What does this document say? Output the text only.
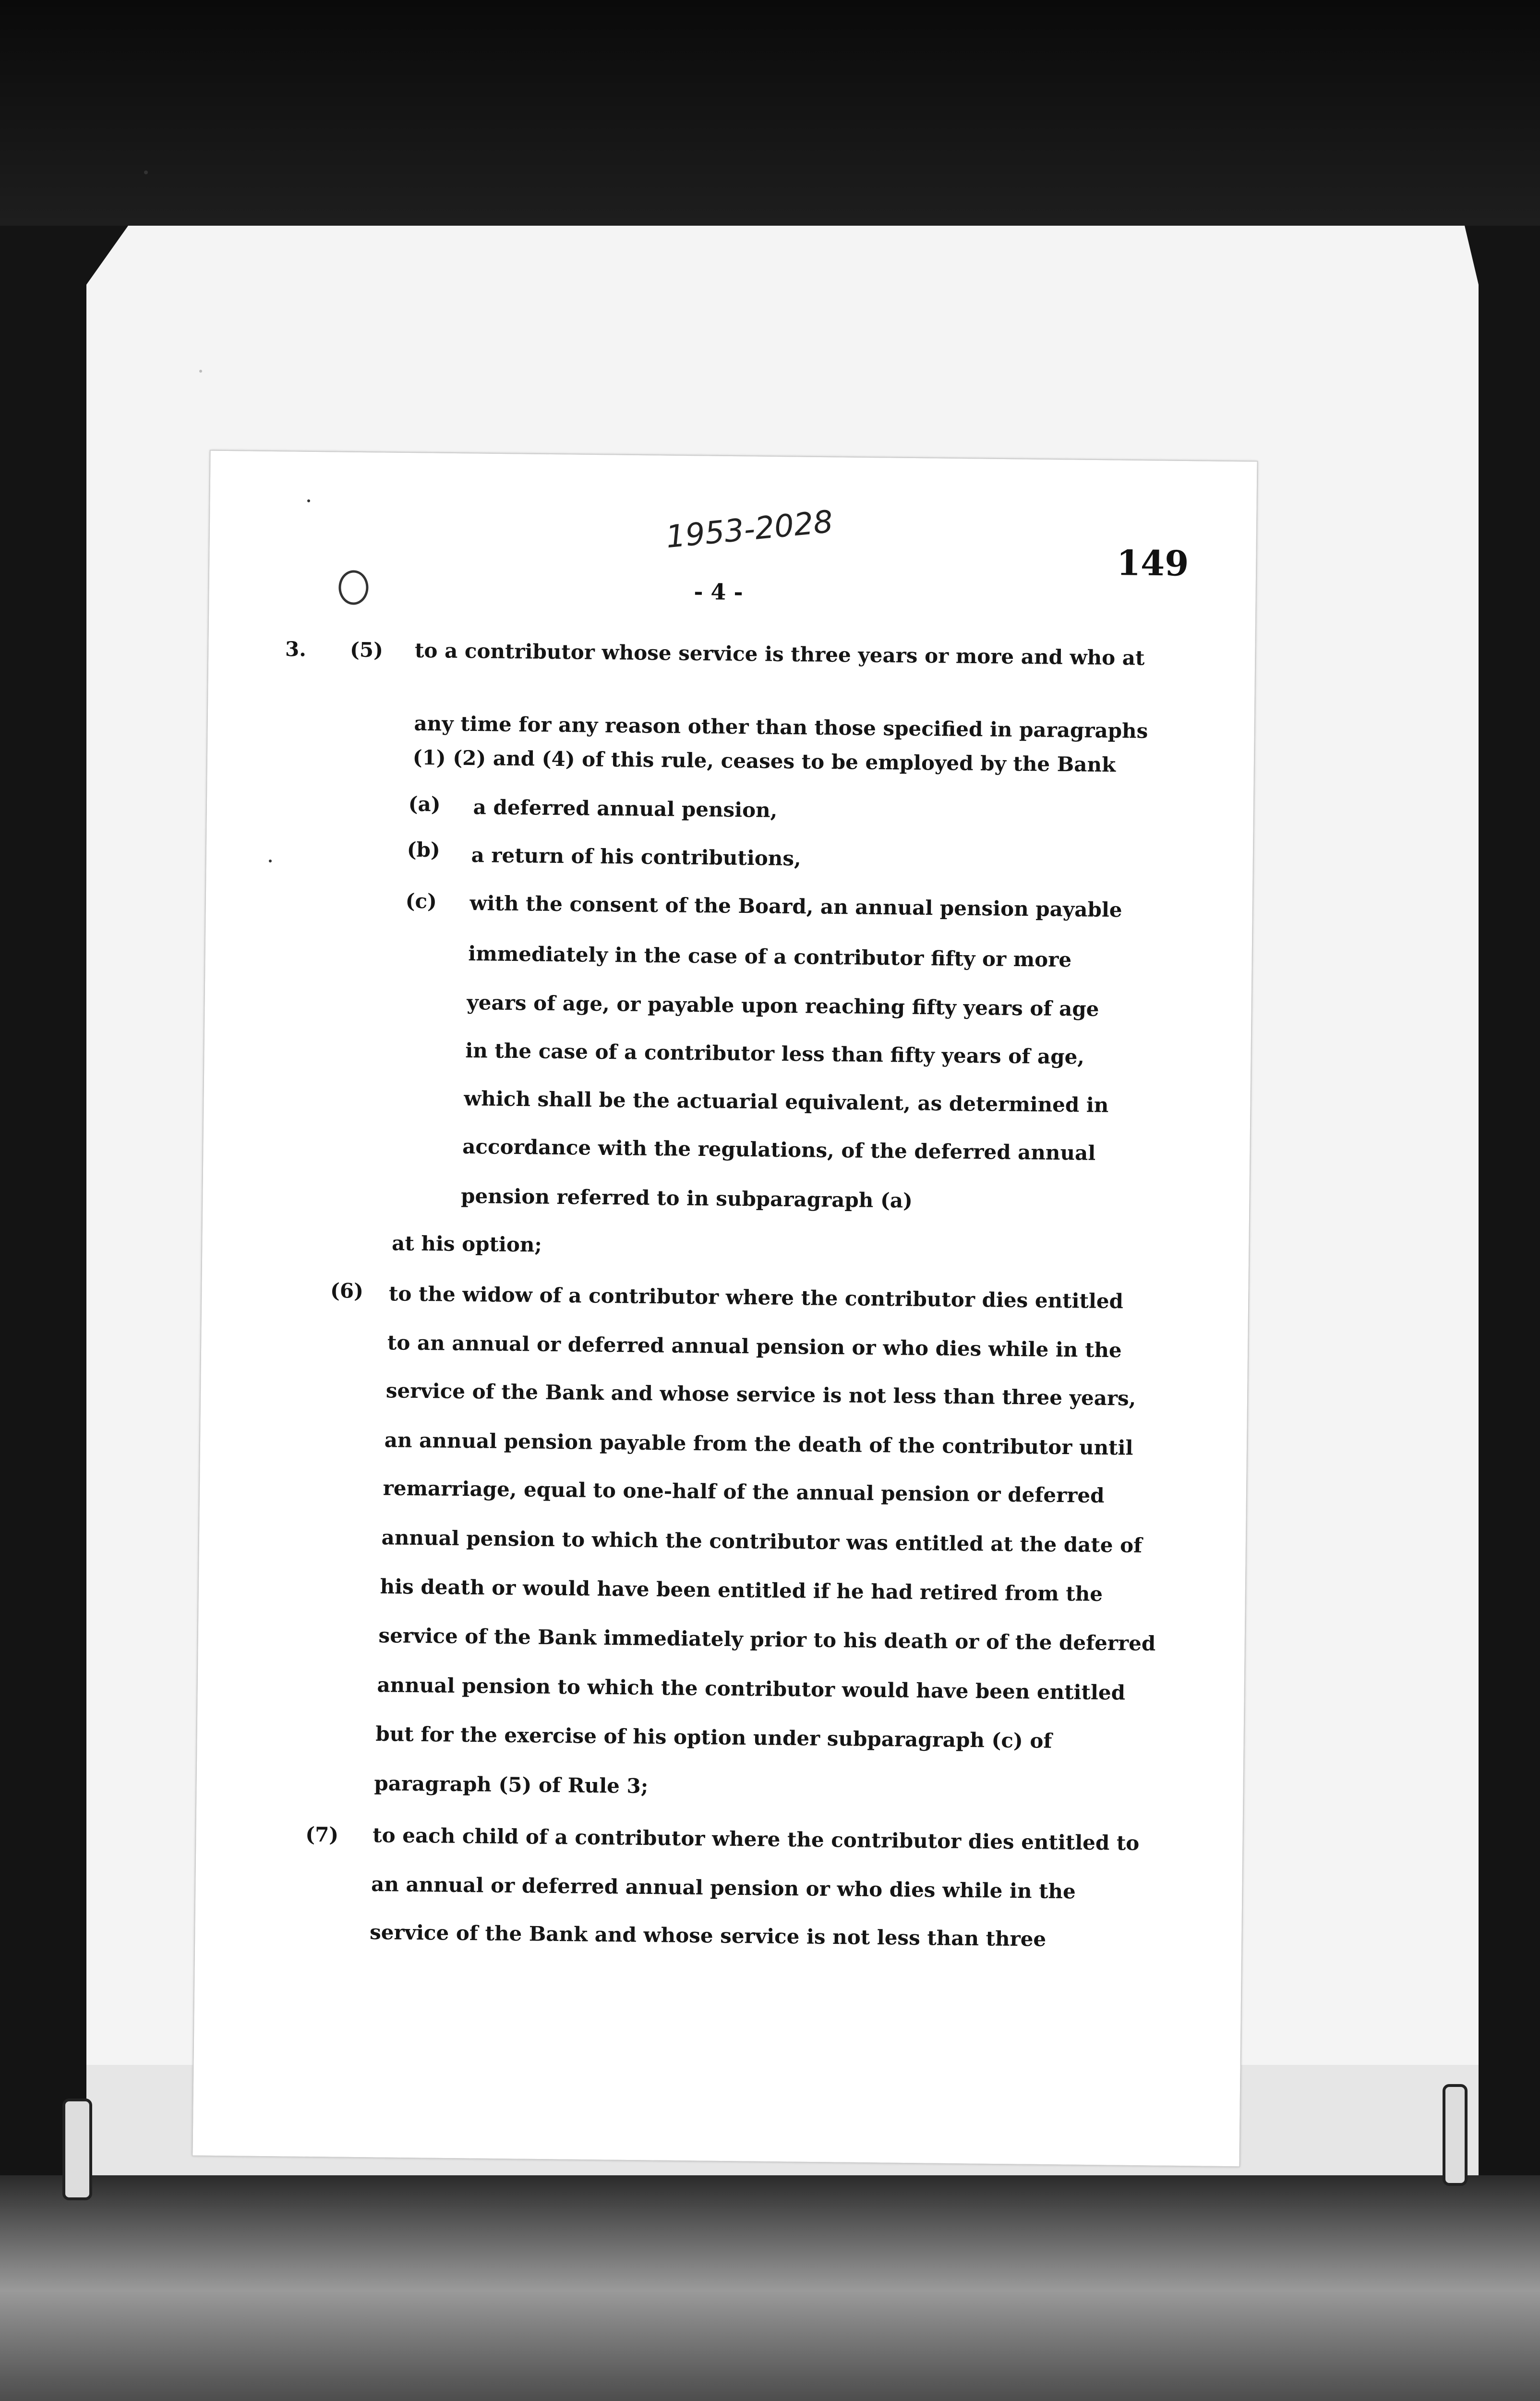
1953-2028
149
- 4 -
3. (5) to a contributor whose service is three years or more and who at
any time for any reason other than those specified in paragraphs
(1) (2) and (4) of this rule, ceases to be employed by the Bank
(a) a deferred annual pension,
(b) a return of his contributions,
(c) with the consent of the Board, an annual pension payable
immediately in the case of a contributor fifty or more
years of age, or payable upon reaching fifty years of age
in the case of a contributor less than fifty years of age,
which shall be the actuarial equivalent, as determined in
accordance with the regulations, of the deferred annual
pension referred to in subparagraph (a)
at his option;
(6) to the widow of a contributor where the contributor dies entitled
to an annual or deferred annual pension or who dies while in the
service of the Bank and whose service is not less than three years,
an annual pension payable from the death of the contributor until
remarriage, equal to one-half of the annual pension or deferred
annual pension to which the contributor was entitled at the date of
his death or would have been entitled if he had retired from the
service of the Bank immediately prior to his death or of the deferred
annual pension to which the contributor would have been entitled
but for the exercise of his option under subparagraph (c) of
paragraph (5) of Rule 3;
(7) to each child of a contributor where the contributor dies entitled to
an annual or deferred annual pension or who dies while in the
service of the Bank and whose service is not less than three
